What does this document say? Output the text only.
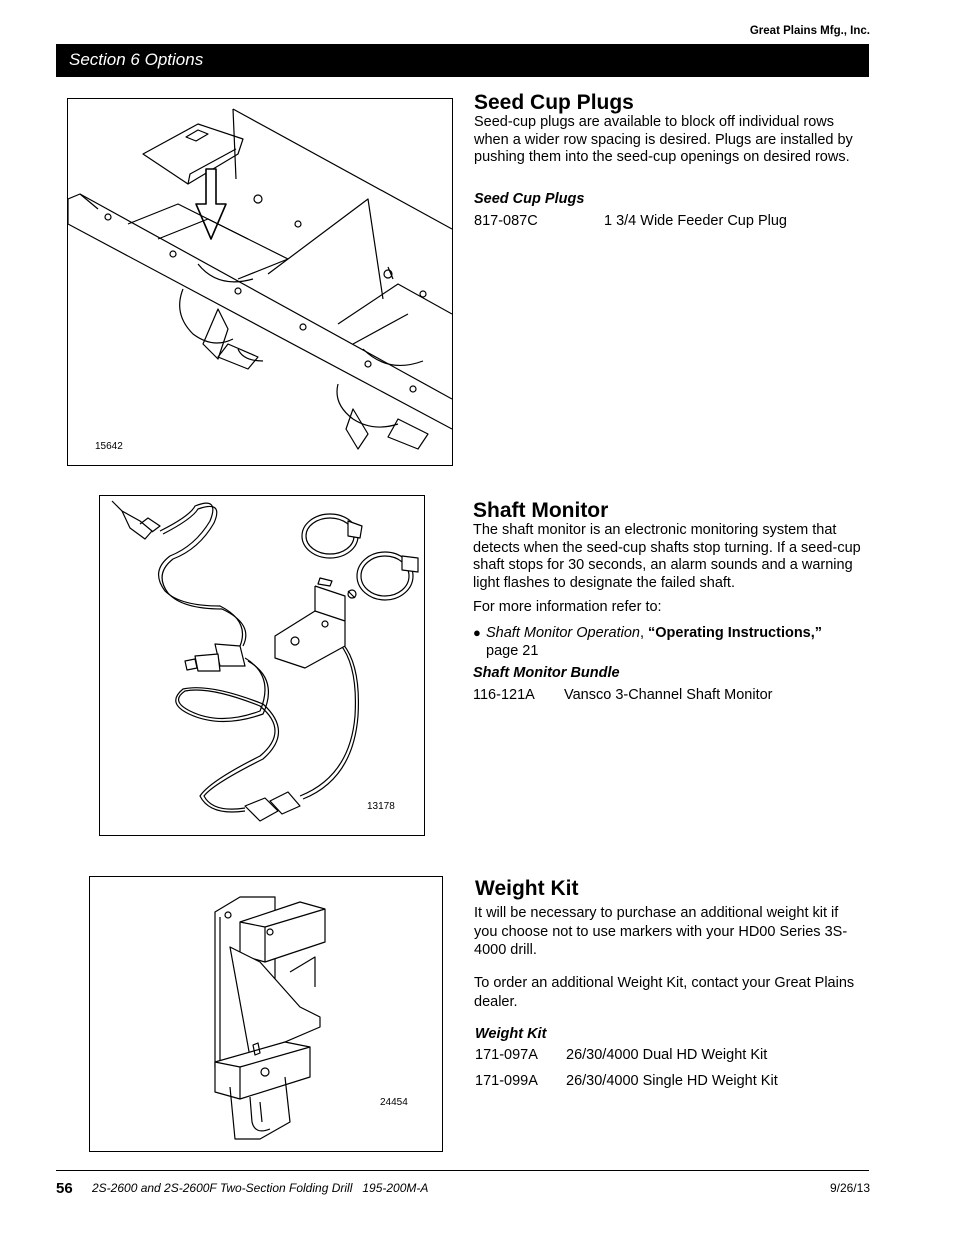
Great Plains Mfg., Inc.
Section 6 Options
15642
Seed Cup Plugs
Seed-cup plugs are available to block off individual rows when a wider row spacing is desired. Plugs are installed by pushing them into the seed-cup openings on desired rows.
Seed Cup Plugs
817-087C	1 3/4 Wide Feeder Cup Plug
13178
Shaft Monitor
The shaft monitor is an electronic monitoring system that detects when the seed-cup shafts stop turning. If a seed-cup shaft stops for 30 seconds, an alarm sounds and a warning light flashes to designate the failed shaft.
For more information refer to:
● Shaft Monitor Operation, “Operating Instructions,”
page 21
Shaft Monitor Bundle
116-121A Vansco 3-Channel Shaft Monitor
24454
Weight Kit
It will be necessary to purchase an additional weight kit if you choose not to use markers with your HD00 Series 3S-4000 drill.
To order an additional Weight Kit, contact your Great Plains dealer.
Weight Kit
171-097A 26/30/4000 Dual HD Weight Kit
171-099A 26/30/4000 Single HD Weight Kit
56 2S-2600 and 2S-2600F Two-Section Folding Drill   195-200M-A	9/26/13
